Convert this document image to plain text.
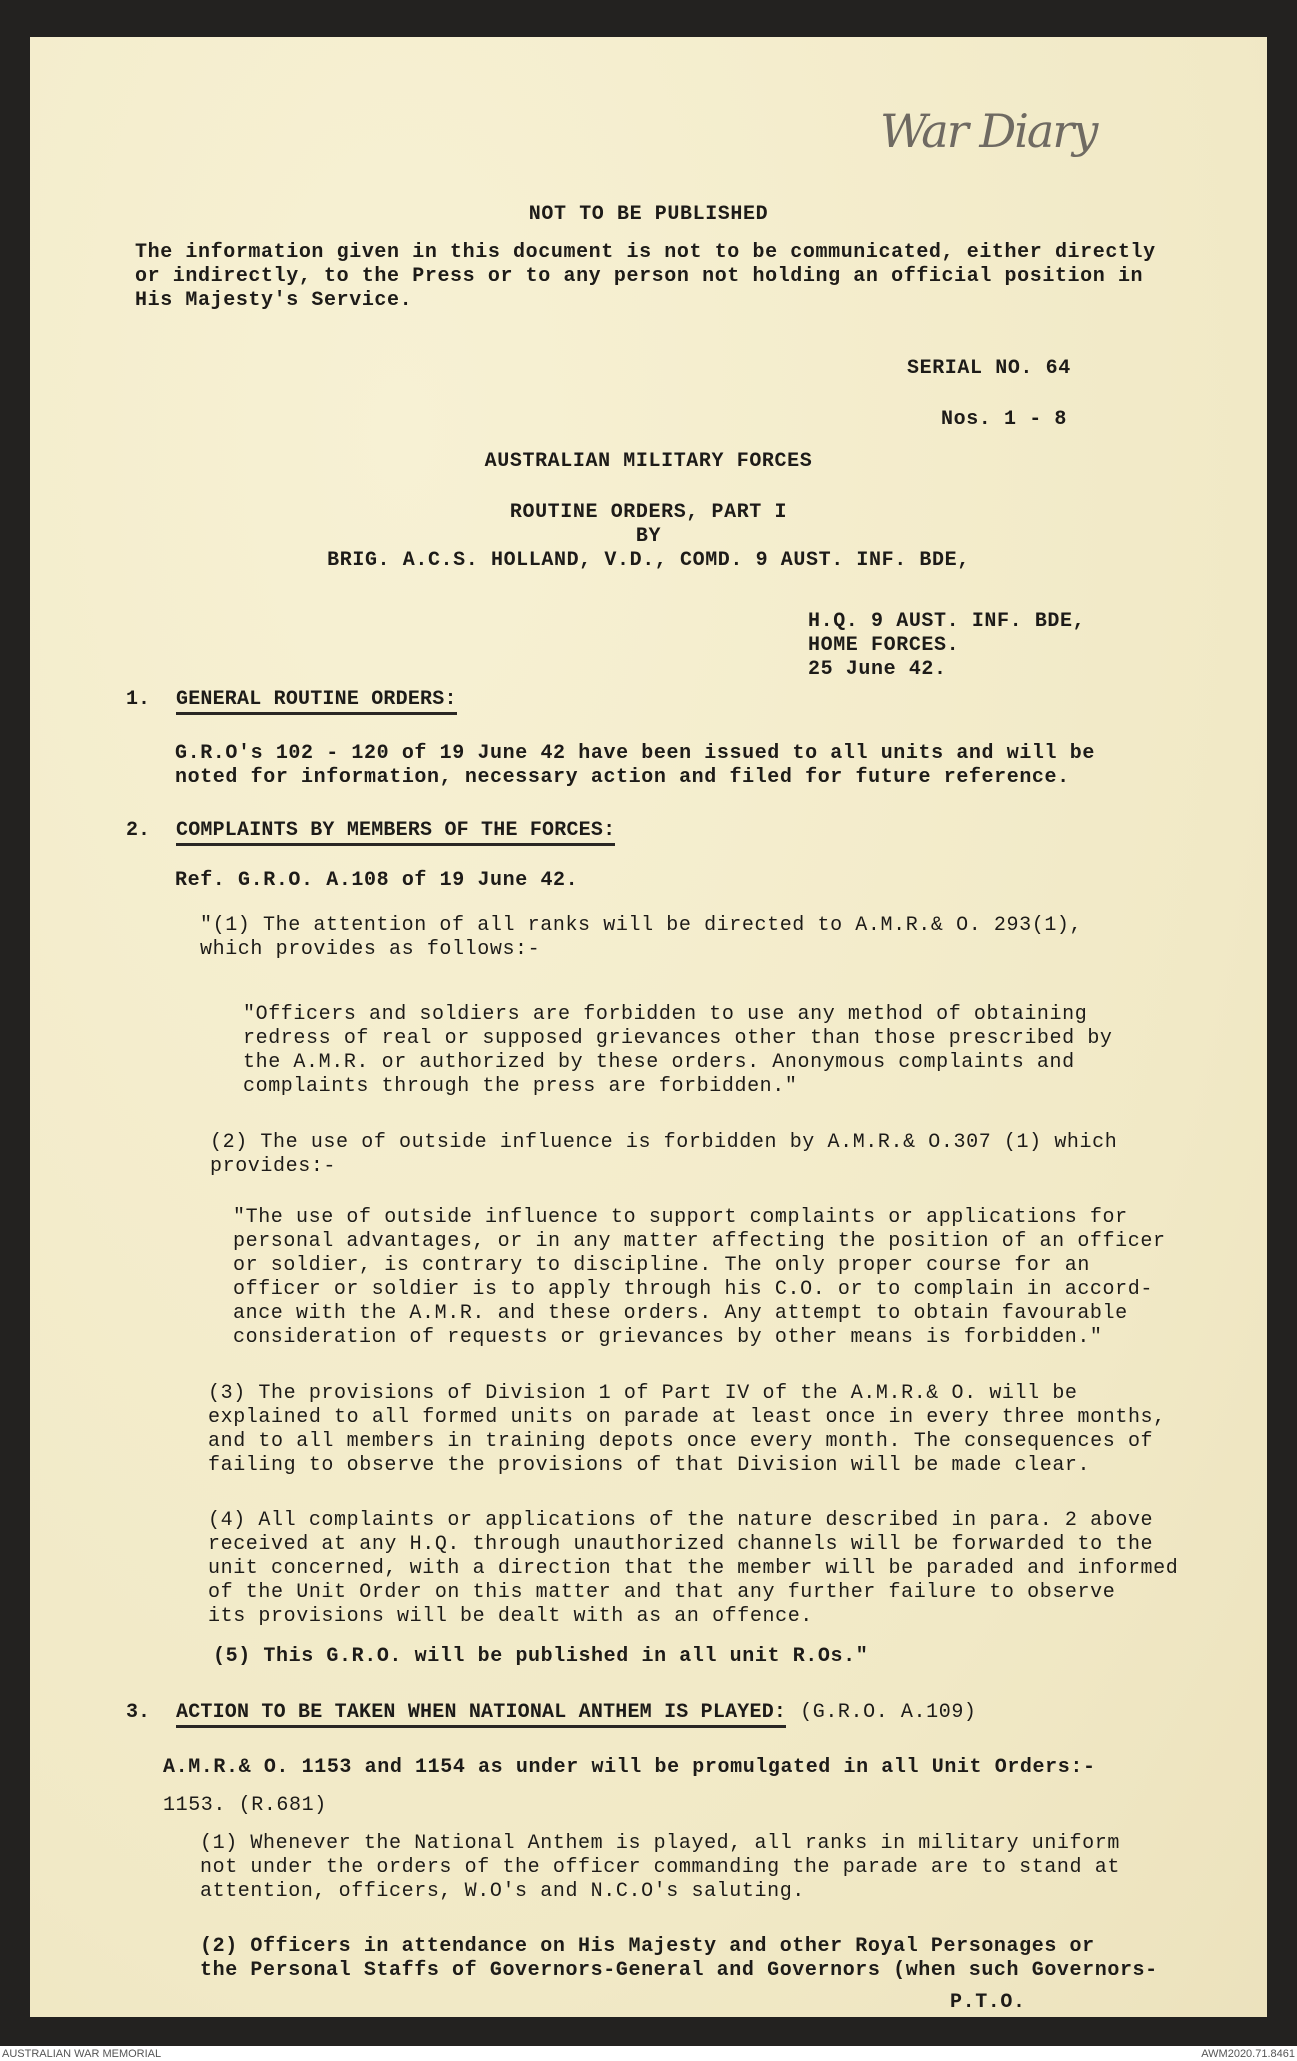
War Diary
NOT TO BE PUBLISHED
The information given in this document is not to be communicated, either directly
or indirectly, to the Press or to any person not holding an official position in
His Majesty's Service.
SERIAL NO. 64
Nos. 1 - 8
AUSTRALIAN MILITARY FORCES
ROUTINE ORDERS, PART I
BY
BRIG. A.C.S. HOLLAND, V.D., COMD. 9 AUST. INF. BDE,
H.Q. 9 AUST. INF. BDE,
HOME FORCES.
25 June 42.
1.	GENERAL ROUTINE ORDERS:
G.R.O's 102 - 120 of 19 June 42 have been issued to all units and will be
noted for information, necessary action and filed for future reference.
2.	COMPLAINTS BY MEMBERS OF THE FORCES:
Ref. G.R.O. A.108 of 19 June 42.
"(1) The attention of all ranks will be directed to A.M.R.& O. 293(1),
which provides as follows:-
"Officers and soldiers are forbidden to use any method of obtaining
redress of real or supposed grievances other than those prescribed by
the A.M.R. or authorized by these orders. Anonymous complaints and
complaints through the press are forbidden."
(2) The use of outside influence is forbidden by A.M.R.& O.307 (1) which
provides:-
"The use of outside influence to support complaints or applications for
personal advantages, or in any matter affecting the position of an officer
or soldier, is contrary to discipline. The only proper course for an
officer or soldier is to apply through his C.O. or to complain in accord-
ance with the A.M.R. and these orders. Any attempt to obtain favourable
consideration of requests or grievances by other means is forbidden."
(3) The provisions of Division 1 of Part IV of the A.M.R.& O. will be
explained to all formed units on parade at least once in every three months,
and to all members in training depots once every month. The consequences of
failing to observe the provisions of that Division will be made clear.
(4) All complaints or applications of the nature described in para. 2 above
received at any H.Q. through unauthorized channels will be forwarded to the
unit concerned, with a direction that the member will be paraded and informed
of the Unit Order on this matter and that any further failure to observe
its provisions will be dealt with as an offence.
(5) This G.R.O. will be published in all unit R.Os."
3.	ACTION TO BE TAKEN WHEN NATIONAL ANTHEM IS PLAYED: (G.R.O. A.109)
A.M.R.& O. 1153 and 1154 as under will be promulgated in all Unit Orders:-
1153. (R.681)
(1) Whenever the National Anthem is played, all ranks in military uniform
not under the orders of the officer commanding the parade are to stand at
attention, officers, W.O's and N.C.O's saluting.
(2) Officers in attendance on His Majesty and other Royal Personages or
the Personal Staffs of Governors-General and Governors (when such Governors-
P.T.O.
AUSTRALIAN WAR MEMORIAL	AWM2020.71.8461
